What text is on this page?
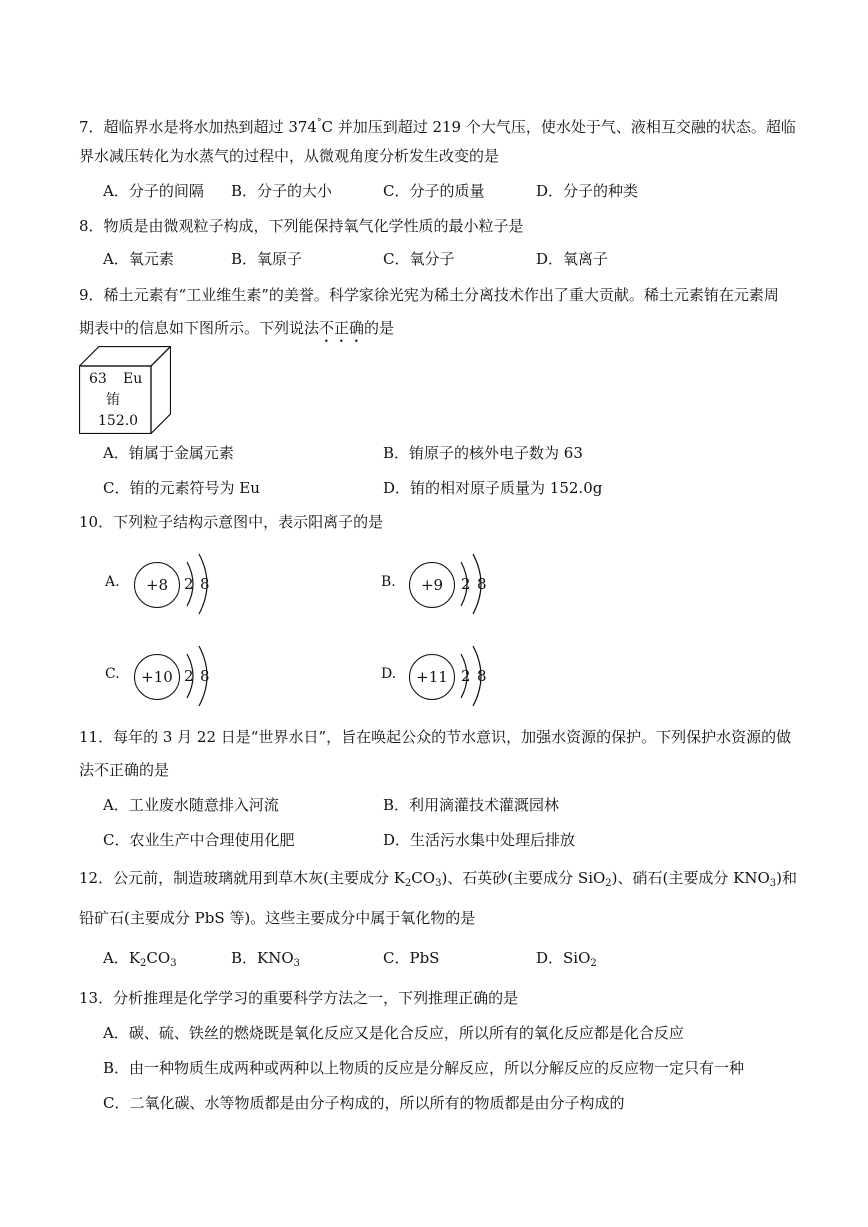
7．超临界水是将水加热到超过 374°C 并加压到超过 219 个大气压，使水处于气、液相互交融的状态。超临
界水减压转化为水蒸气的过程中，从微观角度分析发生改变的是
A．分子的间隔 B．分子的大小	C．分子的质量	D．分子的种类
8．物质是由微观粒子构成，下列能保持氧气化学性质的最小粒子是
A．氧元素	B．氧原子	C．氧分子	D．氧离子
9．稀土元素有“工业维生素”的美誉。科学家徐光宪为稀土分离技术作出了重大贡献。稀土元素铕在元素周
期表中的信息如下图所示。下列说法不正确的是
63 Eu
铕
152.0
A．铕属于金属元素	B．铕原子的核外电子数为 63
C．铕的元素符号为 Eu	D．铕的相对原子质量为 152.0g
10．下列粒子结构示意图中，表示阳离子的是
A.	+8	2 8	B.	+9	2 8
C.	+10 2 8	D.	+11 2 8
11．每年的 3 月 22 日是“世界水日”，旨在唤起公众的节水意识，加强水资源的保护。下列保护水资源的做
法不正确的是
A．工业废水随意排入河流	B．利用滴灌技术灌溉园林
C．农业生产中合理使用化肥	D．生活污水集中处理后排放
12．公元前，制造玻璃就用到草木灰(主要成分 $K_2CO_3$)、石英砂(主要成分 SiO$_2$)、硝石(主要成分 $KNO_3$)和
铅矿石(主要成分 PbS 等)。这些主要成分中属于氧化物的是
A．$K_2CO_3$	B．$KNO_3$	C．PbS	D．SiO$_2$
13．分析推理是化学学习的重要科学方法之一，下列推理正确的是
A．碳、硫、铁丝的燃烧既是氧化反应又是化合反应，所以所有的氧化反应都是化合反应
B．由一种物质生成两种或两种以上物质的反应是分解反应，所以分解反应的反应物一定只有一种
C．二氧化碳、水等物质都是由分子构成的，所以所有的物质都是由分子构成的
